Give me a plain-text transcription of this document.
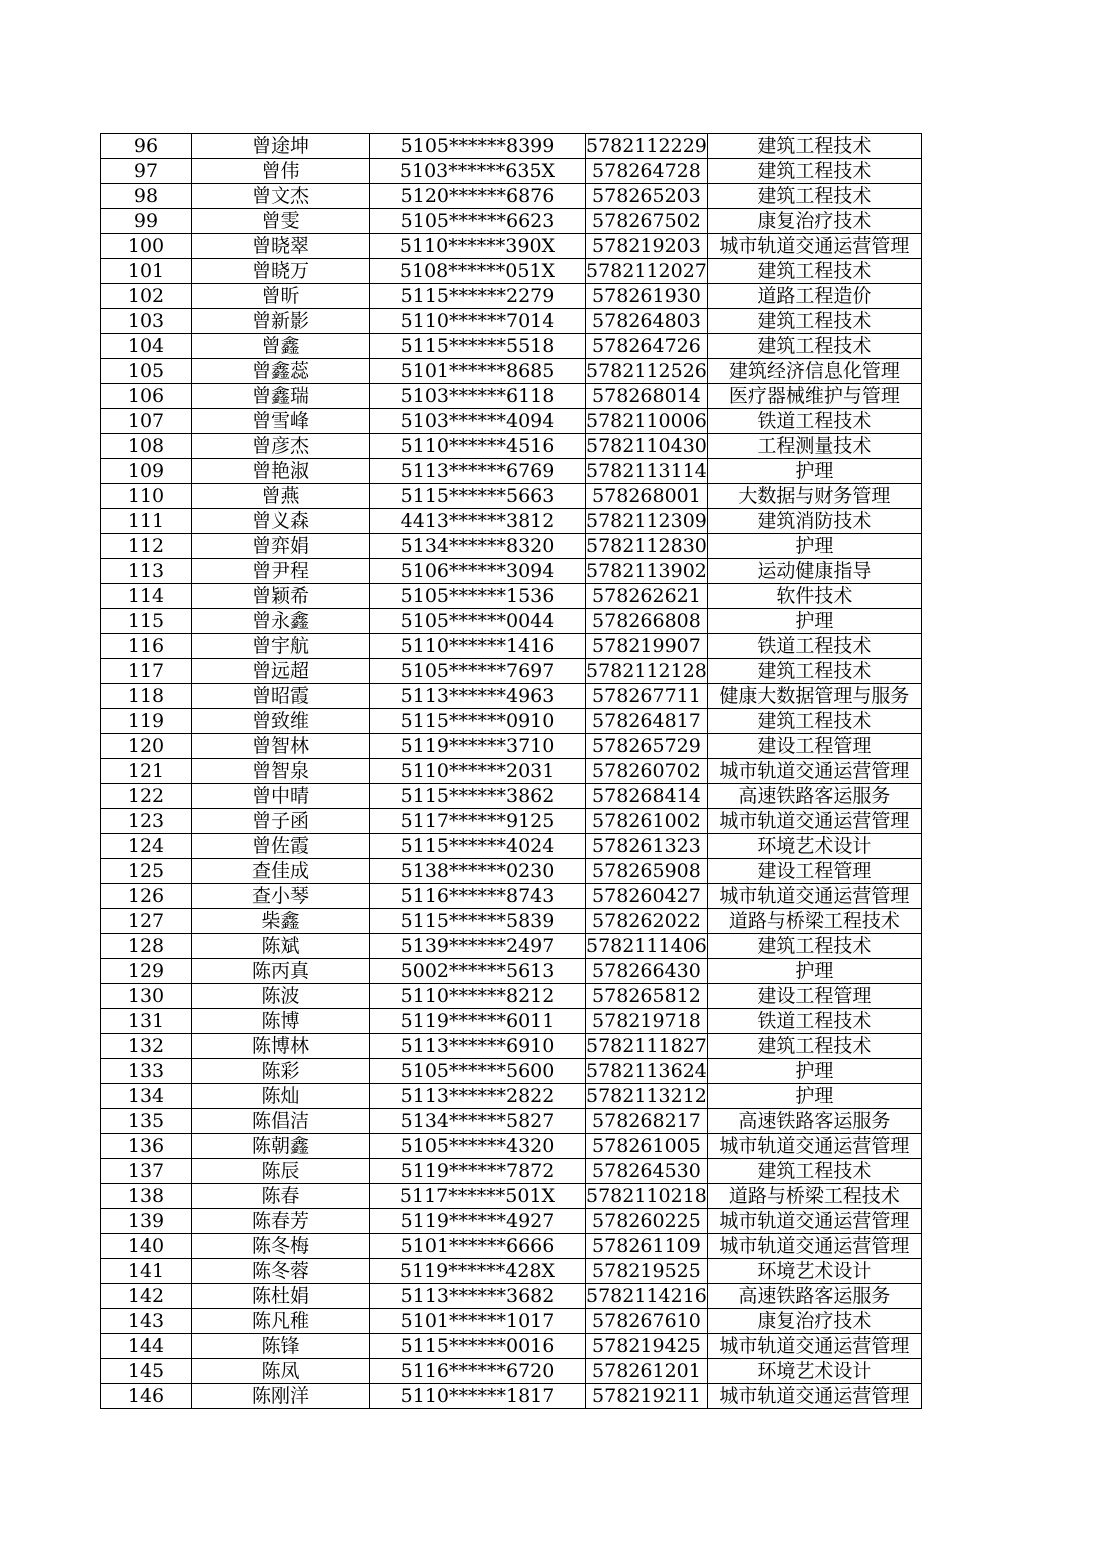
96	曾途坤	5105******8399	5782112229	建筑工程技术
97	曾伟	5103******635X	578264728	建筑工程技术
98	曾文杰	5120******6876	578265203	建筑工程技术
99	曾雯	5105******6623	578267502	康复治疗技术
100	曾晓翠	5110******390X	578219203	城市轨道交通运营管理
101	曾晓万	5108******051X	5782112027	建筑工程技术
102	曾昕	5115******2279	578261930	道路工程造价
103	曾新影	5110******7014	578264803	建筑工程技术
104	曾鑫	5115******5518	578264726	建筑工程技术
105	曾鑫蕊	5101******8685	5782112526	建筑经济信息化管理
106	曾鑫瑞	5103******6118	578268014	医疗器械维护与管理
107	曾雪峰	5103******4094	5782110006	铁道工程技术
108	曾彦杰	5110******4516	5782110430	工程测量技术
109	曾艳淑	5113******6769	5782113114	护理
110	曾燕	5115******5663	578268001	大数据与财务管理
111	曾义森	4413******3812	5782112309	建筑消防技术
112	曾弈娟	5134******8320	5782112830	护理
113	曾尹程	5106******3094	5782113902	运动健康指导
114	曾颖希	5105******1536	578262621	软件技术
115	曾永鑫	5105******0044	578266808	护理
116	曾宇航	5110******1416	578219907	铁道工程技术
117	曾远超	5105******7697	5782112128	建筑工程技术
118	曾昭霞	5113******4963	578267711	健康大数据管理与服务
119	曾致维	5115******0910	578264817	建筑工程技术
120	曾智林	5119******3710	578265729	建设工程管理
121	曾智泉	5110******2031	578260702	城市轨道交通运营管理
122	曾中晴	5115******3862	578268414	高速铁路客运服务
123	曾子函	5117******9125	578261002	城市轨道交通运营管理
124	曾佐霞	5115******4024	578261323	环境艺术设计
125	查佳成	5138******0230	578265908	建设工程管理
126	查小琴	5116******8743	578260427	城市轨道交通运营管理
127	柴鑫	5115******5839	578262022	道路与桥梁工程技术
128	陈斌	5139******2497	5782111406	建筑工程技术
129	陈丙真	5002******5613	578266430	护理
130	陈波	5110******8212	578265812	建设工程管理
131	陈博	5119******6011	578219718	铁道工程技术
132	陈博林	5113******6910	5782111827	建筑工程技术
133	陈彩	5105******5600	5782113624	护理
134	陈灿	5113******2822	5782113212	护理
135	陈倡洁	5134******5827	578268217	高速铁路客运服务
136	陈朝鑫	5105******4320	578261005	城市轨道交通运营管理
137	陈辰	5119******7872	578264530	建筑工程技术
138	陈春	5117******501X	5782110218	道路与桥梁工程技术
139	陈春芳	5119******4927	578260225	城市轨道交通运营管理
140	陈冬梅	5101******6666	578261109	城市轨道交通运营管理
141	陈冬蓉	5119******428X	578219525	环境艺术设计
142	陈杜娟	5113******3682	5782114216	高速铁路客运服务
143	陈凡稚	5101******1017	578267610	康复治疗技术
144	陈锋	5115******0016	578219425	城市轨道交通运营管理
145	陈凤	5116******6720	578261201	环境艺术设计
146	陈刚洋	5110******1817	578219211	城市轨道交通运营管理
